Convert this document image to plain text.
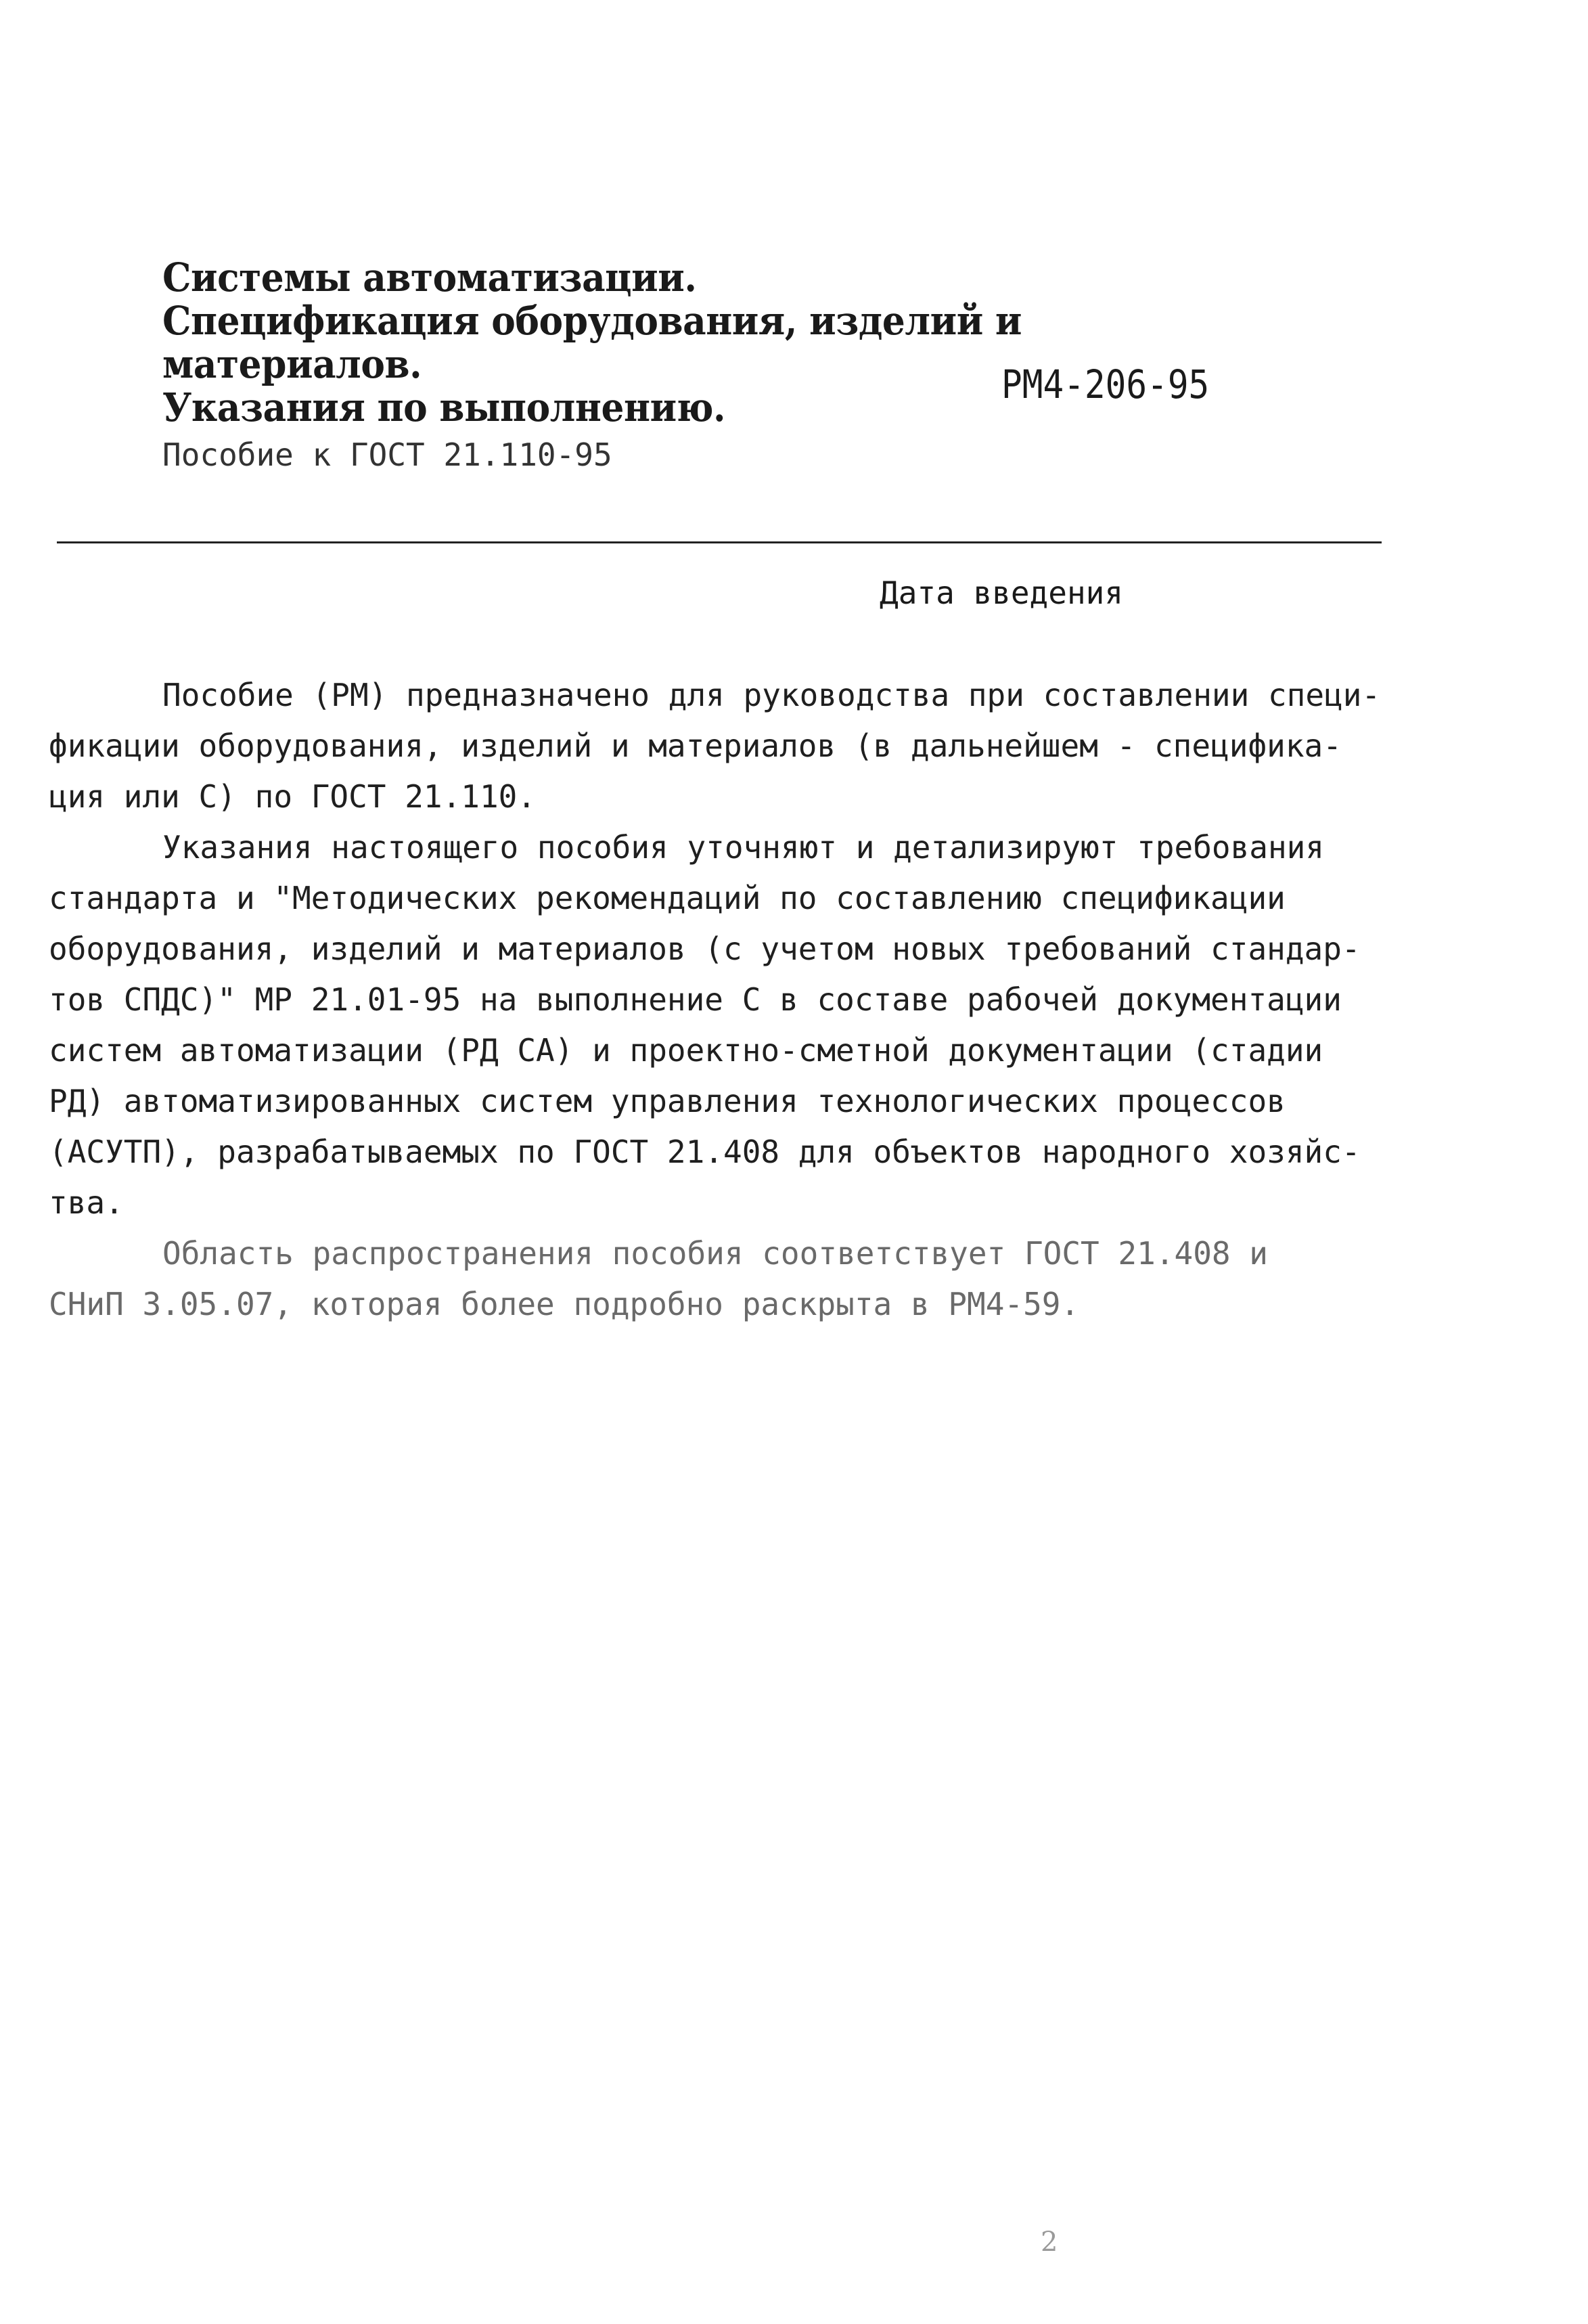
Системы автоматизации.
Спецификация оборудования, изделий и
материалов.
Указания по выполнению.
Пособие к ГОСТ 21.110-95
РМ4-206-95
Дата введения
Пособие (РМ) предназначено для руководства при составлении специ-
фикации оборудования, изделий и материалов (в дальнейшем - специфика-
ция или С) по ГОСТ 21.110.
Указания настоящего пособия уточняют и детализируют требования
стандарта и "Методических рекомендаций по составлению спецификации
оборудования, изделий и материалов (с учетом новых требований стандар-
тов СПДС)" МР 21.01-95 на выполнение С в составе рабочей документации
систем автоматизации (РД СА) и проектно-сметной документации (стадии
РД) автоматизированных систем управления технологических процессов
(АСУТП), разрабатываемых по ГОСТ 21.408 для объектов народного хозяйс-
тва.
Область распространения пособия соответствует ГОСТ 21.408 и
СНиП 3.05.07, которая более подробно раскрыта в РМ4-59.
2
